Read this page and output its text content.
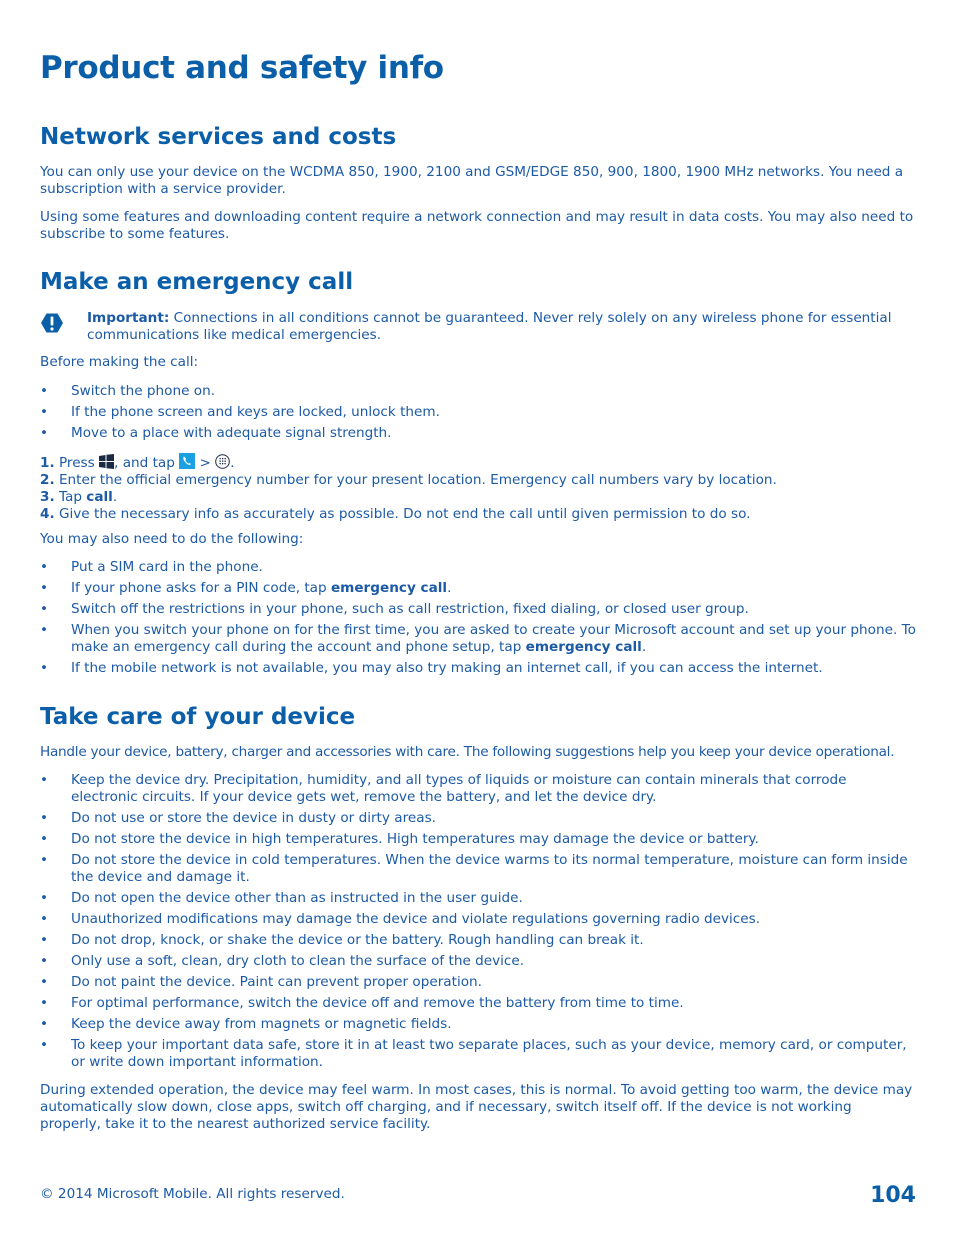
Product and safety info
Network services and costs

You can only use your device on the WCDMA 850, 1900, 2100 and GSM/EDGE 850, 900, 1800, 1900 MHz networks. You need a subscription with a service provider.

Using some features and downloading content require a network connection and may result in data costs. You may also need to subscribe to some features.

Make an emergency call

Important: Connections in all conditions cannot be guaranteed. Never rely solely on any wireless phone for essential communications like medical emergencies.

Before making the call:

• Switch the phone on.
• If the phone screen and keys are locked, unlock them.
• Move to a place with adequate signal strength.

1. Press , and tap  > .

2. Enter the official emergency number for your present location. Emergency call numbers vary by location.

3. Tap call.

4. Give the necessary info as accurately as possible. Do not end the call until given permission to do so.

You may also need to do the following:

• Put a SIM card in the phone.
• If your phone asks for a PIN code, tap emergency call.
• Switch off the restrictions in your phone, such as call restriction, fixed dialing, or closed user group.
• When you switch your phone on for the first time, you are asked to create your Microsoft account and set up your phone. To make an emergency call during the account and phone setup, tap emergency call.
• If the mobile network is not available, you may also try making an internet call, if you can access the internet.
Take care of your device

Handle your device, battery, charger and accessories with care. The following suggestions help you keep your device operational.

• Keep the device dry. Precipitation, humidity, and all types of liquids or moisture can contain minerals that corrode electronic circuits. If your device gets wet, remove the battery, and let the device dry.
• Do not use or store the device in dusty or dirty areas.
• Do not store the device in high temperatures. High temperatures may damage the device or battery.
• Do not store the device in cold temperatures. When the device warms to its normal temperature, moisture can form inside the device and damage it.
• Do not open the device other than as instructed in the user guide.
• Unauthorized modifications may damage the device and violate regulations governing radio devices.
• Do not drop, knock, or shake the device or the battery. Rough handling can break it.
• Only use a soft, clean, dry cloth to clean the surface of the device.
• Do not paint the device. Paint can prevent proper operation.
• For optimal performance, switch the device off and remove the battery from time to time.
• Keep the device away from magnets or magnetic fields.
• To keep your important data safe, store it in at least two separate places, such as your device, memory card, or computer, or write down important information.

During extended operation, the device may feel warm. In most cases, this is normal. To avoid getting too warm, the device may automatically slow down, close apps, switch off charging, and if necessary, switch itself off. If the device is not working properly, take it to the nearest authorized service facility.

© 2014 Microsoft Mobile. All rights reserved.	104
